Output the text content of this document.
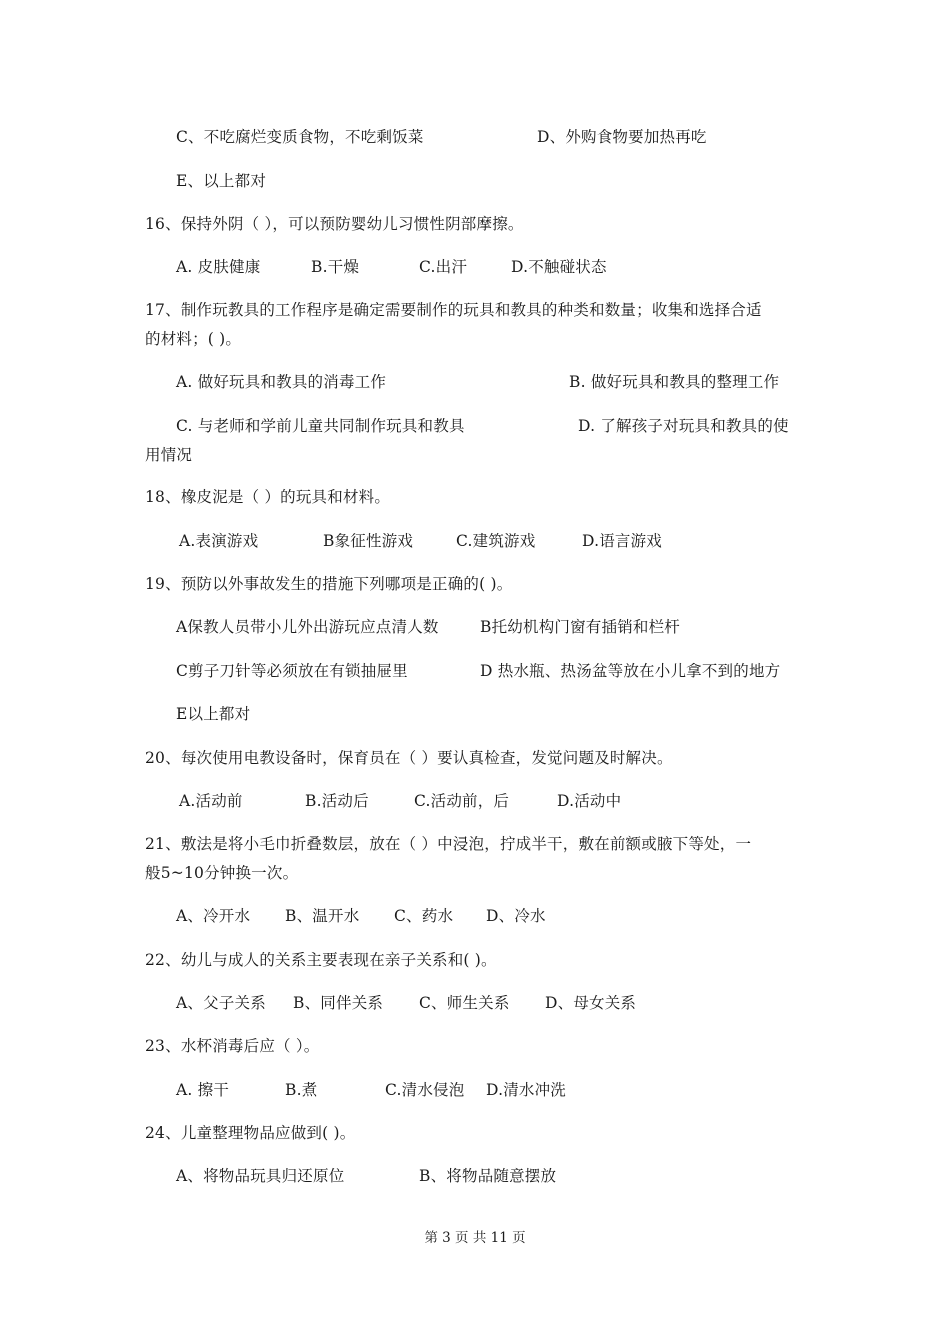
C、不吃腐烂变质食物，不吃剩饭菜	D、外购食物要加热再吃
E、以上都对
16、保持外阴（ ），可以预防婴幼儿习惯性阴部摩擦。
A. 皮肤健康	B.干燥	C.出汗	D.不触碰状态
17、制作玩教具的工作程序是确定需要制作的玩具和教具的种类和数量；收集和选择合适
的材料；( )。
A. 做好玩具和教具的消毒工作	B. 做好玩具和教具的整理工作
C. 与老师和学前儿童共同制作玩具和教具	D. 了解孩子对玩具和教具的使
用情况
18、橡皮泥是（ ）的玩具和材料。
A.表演游戏	B象征性游戏	C.建筑游戏	D.语言游戏
19、预防以外事故发生的措施下列哪项是正确的( )。
A保教人员带小儿外出游玩应点清人数	B托幼机构门窗有插销和栏杆
C剪子刀针等必须放在有锁抽屉里	D 热水瓶、热汤盆等放在小儿拿不到的地方
E以上都对
20、每次使用电教设备时，保育员在（ ）要认真检查，发觉问题及时解决。
A.活动前	B.活动后	C.活动前，后	D.活动中
21、敷法是将小毛巾折叠数层，放在（ ）中浸泡，拧成半干，敷在前额或腋下等处，一
般5~10分钟换一次。
A、冷开水 B、温开水 C、药水 D、冷水
22、幼儿与成人的关系主要表现在亲子关系和( )。
A、父子关系 B、同伴关系 C、师生关系 D、母女关系
23、水杯消毒后应（ ）。
A. 擦干	B.煮	C.清水侵泡 D.清水冲洗
24、儿童整理物品应做到( )。
A、将物品玩具归还原位	B、将物品随意摆放
第 3 页 共 11 页
